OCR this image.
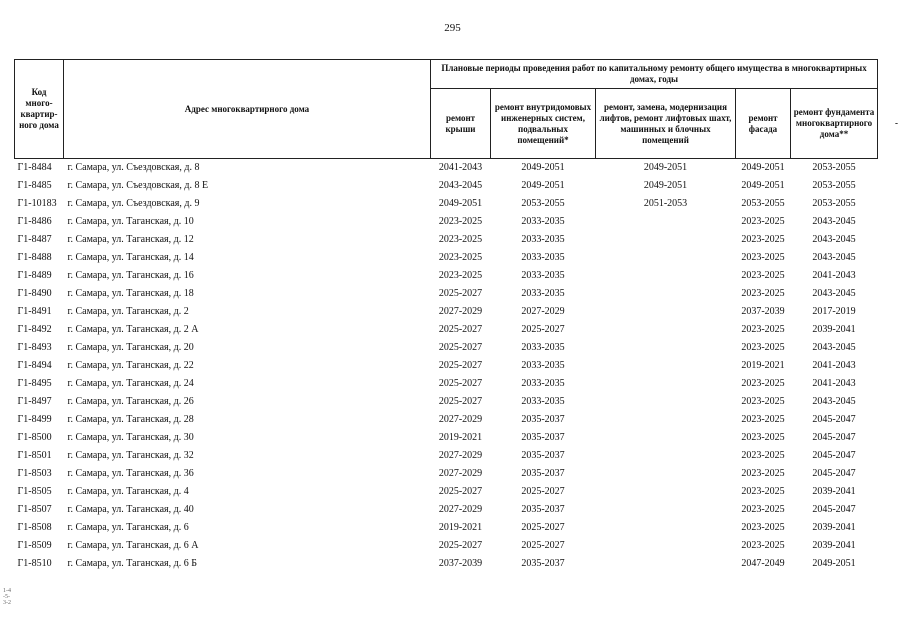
295
Код много-квартир-ного дома	Адрес многоквартирного дома	Плановые периоды проведения работ по капитальному ремонту общего имущества в многоквартирных домах, годы				
		ремонт крыши	ремонт внутридомовых инженерных систем, подвальных помещений*	ремонт, замена, модернизация лифтов, ремонт лифтовых шахт, машинных и блочных помещений	ремонт фасада	ремонт фундамента многоквартирного дома**
Г1-8484	г. Самара, ул. Съездовская, д. 8	2041-2043	2049-2051	2049-2051	2049-2051	2053-2055
Г1-8485	г. Самара, ул. Съездовская, д. 8 Е	2043-2045	2049-2051	2049-2051	2049-2051	2053-2055
Г1-10183	г. Самара, ул. Съездовская, д. 9	2049-2051	2053-2055	2051-2053	2053-2055	2053-2055
Г1-8486	г. Самара, ул. Таганская, д. 10	2023-2025	2033-2035		2023-2025	2043-2045
Г1-8487	г. Самара, ул. Таганская, д. 12	2023-2025	2033-2035		2023-2025	2043-2045
Г1-8488	г. Самара, ул. Таганская, д. 14	2023-2025	2033-2035		2023-2025	2043-2045
Г1-8489	г. Самара, ул. Таганская, д. 16	2023-2025	2033-2035		2023-2025	2041-2043
Г1-8490	г. Самара, ул. Таганская, д. 18	2025-2027	2033-2035		2023-2025	2043-2045
Г1-8491	г. Самара, ул. Таганская, д. 2	2027-2029	2027-2029		2037-2039	2017-2019
Г1-8492	г. Самара, ул. Таганская, д. 2 А	2025-2027	2025-2027		2023-2025	2039-2041
Г1-8493	г. Самара, ул. Таганская, д. 20	2025-2027	2033-2035		2023-2025	2043-2045
Г1-8494	г. Самара, ул. Таганская, д. 22	2025-2027	2033-2035		2019-2021	2041-2043
Г1-8495	г. Самара, ул. Таганская, д. 24	2025-2027	2033-2035		2023-2025	2041-2043
Г1-8497	г. Самара, ул. Таганская, д. 26	2025-2027	2033-2035		2023-2025	2043-2045
Г1-8499	г. Самара, ул. Таганская, д. 28	2027-2029	2035-2037		2023-2025	2045-2047
Г1-8500	г. Самара, ул. Таганская, д. 30	2019-2021	2035-2037		2023-2025	2045-2047
Г1-8501	г. Самара, ул. Таганская, д. 32	2027-2029	2035-2037		2023-2025	2045-2047
Г1-8503	г. Самара, ул. Таганская, д. 36	2027-2029	2035-2037		2023-2025	2045-2047
Г1-8505	г. Самара, ул. Таганская, д. 4	2025-2027	2025-2027		2023-2025	2039-2041
Г1-8507	г. Самара, ул. Таганская, д. 40	2027-2029	2035-2037		2023-2025	2045-2047
Г1-8508	г. Самара, ул. Таганская, д. 6	2019-2021	2025-2027		2023-2025	2039-2041
Г1-8509	г. Самара, ул. Таганская, д. 6 А	2025-2027	2025-2027		2023-2025	2039-2041
Г1-8510	г. Самара, ул. Таганская, д. 6 Б	2037-2039	2035-2037		2047-2049	2049-2051
-
1-4-5-3-2
